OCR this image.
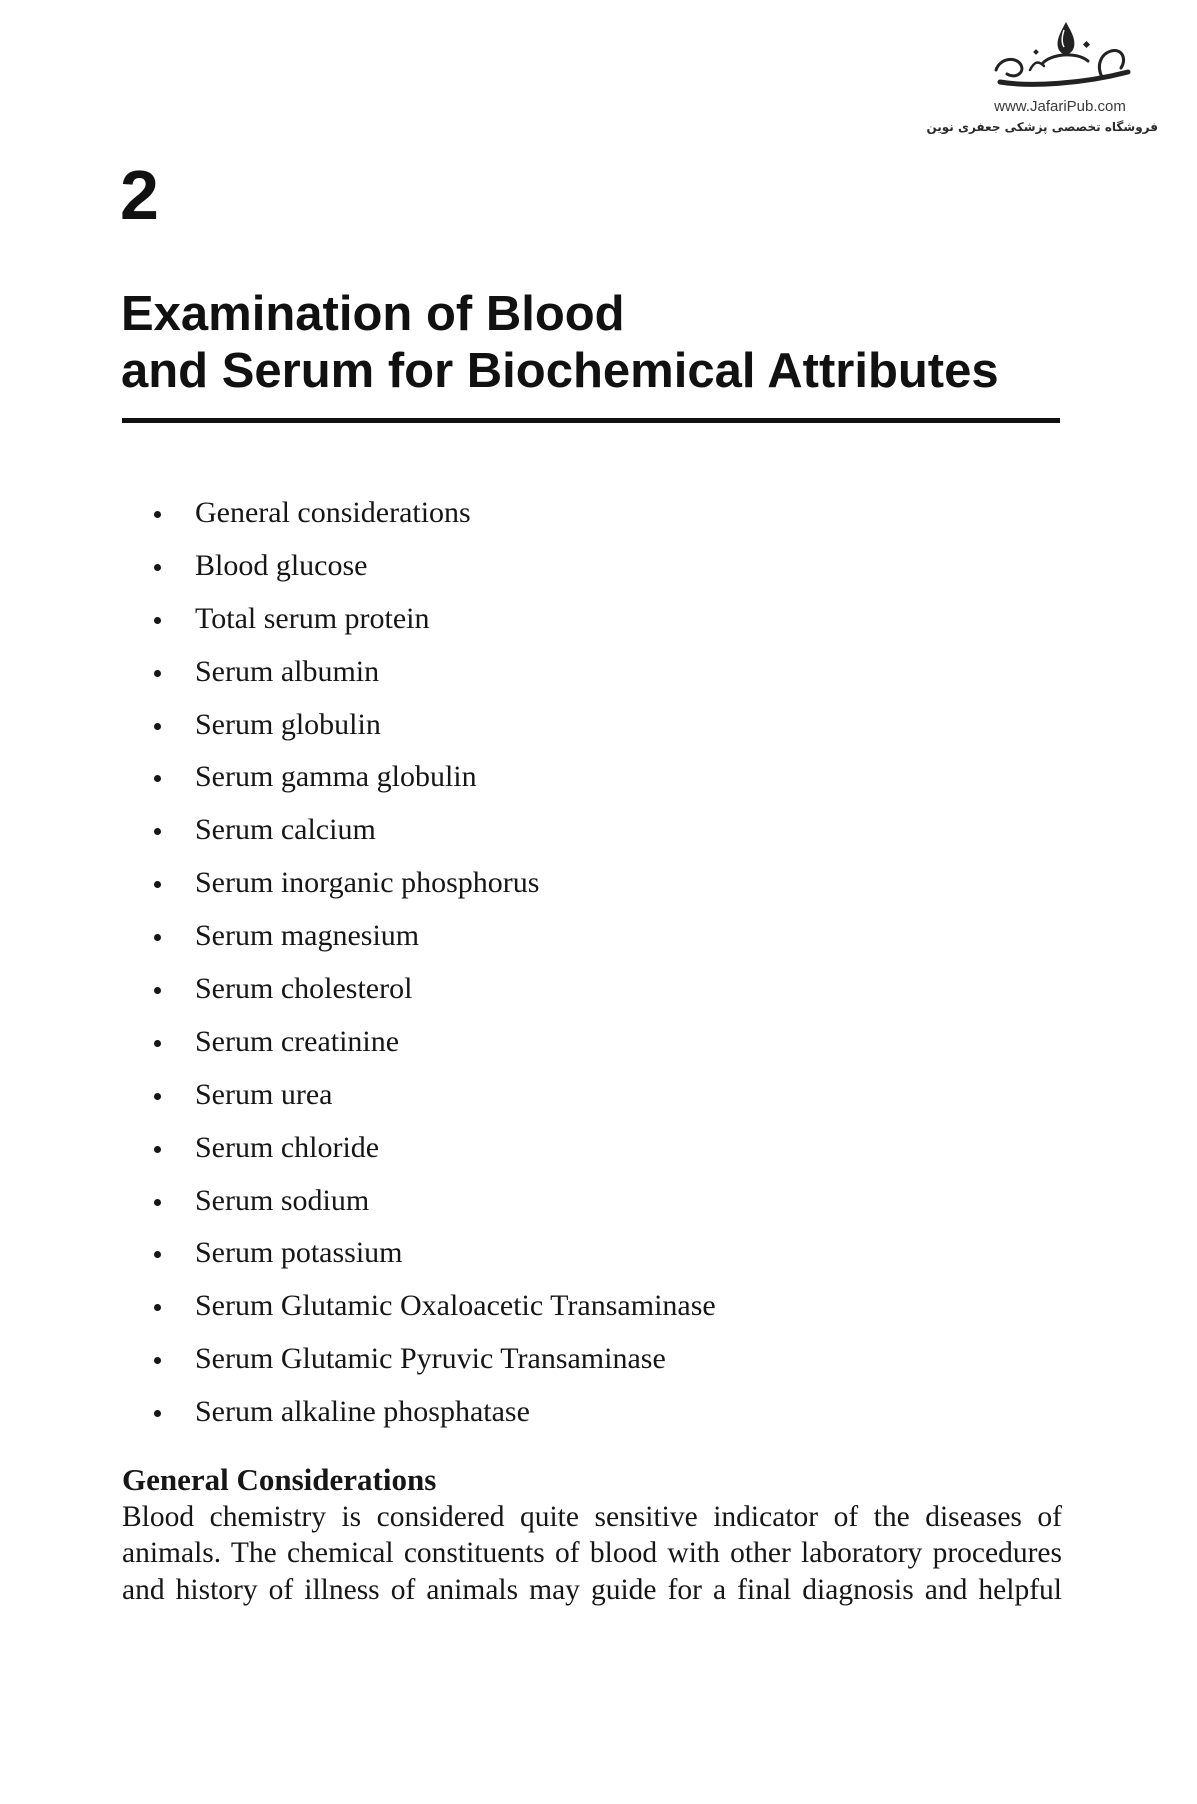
www.JafariPub.com
فروشگاه تخصصی پزشکی جعفری نوین
2
Examination of Blood
and Serum for Biochemical Attributes
General considerations
Blood glucose
Total serum protein
Serum albumin
Serum globulin
Serum gamma globulin
Serum calcium
Serum inorganic phosphorus
Serum magnesium
Serum cholesterol
Serum creatinine
Serum urea
Serum chloride
Serum sodium
Serum potassium
Serum Glutamic Oxaloacetic Transaminase
Serum Glutamic Pyruvic Transaminase
Serum alkaline phosphatase
General Considerations
Blood chemistry is considered quite sensitive indicator of the diseases of
animals. The chemical constituents of blood with other laboratory procedures
and history of illness of animals may guide for a final diagnosis and helpful
